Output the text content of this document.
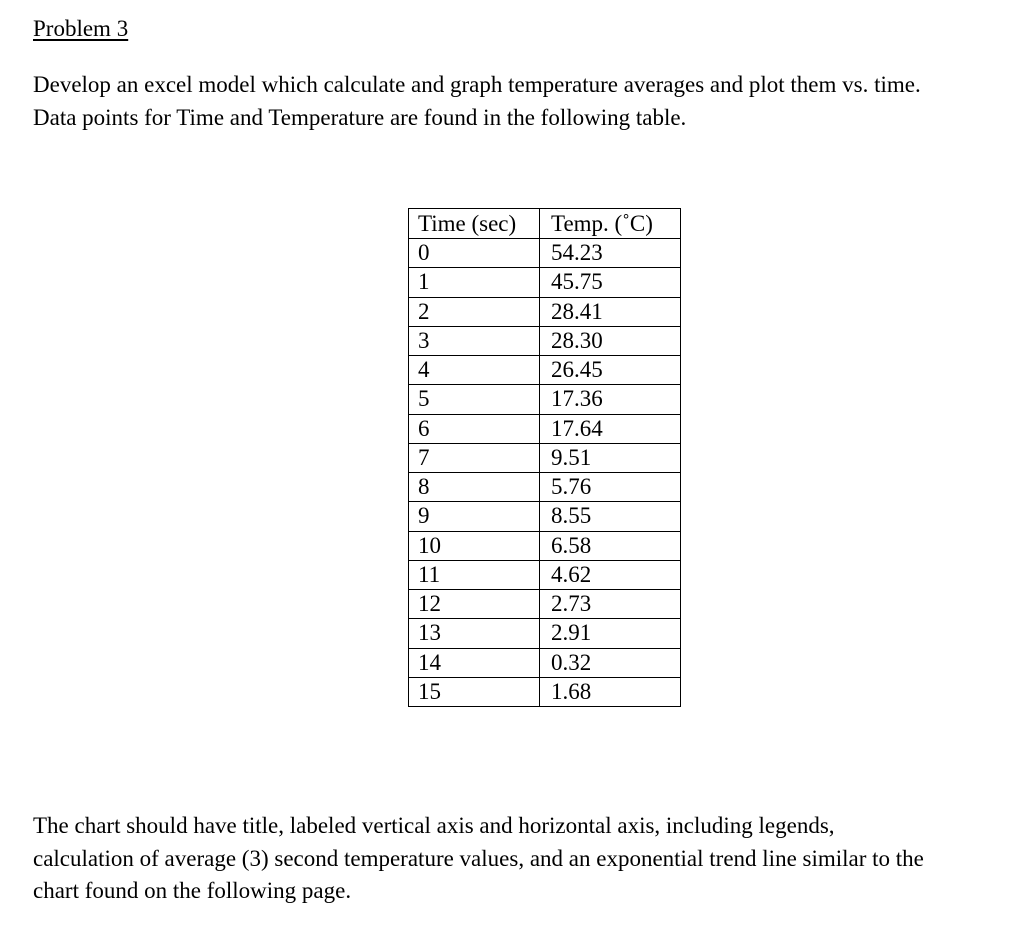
Problem 3

Develop an excel model which calculate and graph temperature averages and plot them vs. time.
Data points for Time and Temperature are found in the following table.

Time (sec)	Temp. (˚C)
0	54.23
1	45.75
2	28.41
3	28.30
4	26.45
5	17.36
6	17.64
7	9.51
8	5.76
9	8.55
10	6.58
11	4.62
12	2.73
13	2.91
14	0.32
15	1.68

The chart should have title, labeled vertical axis and horizontal axis, including legends,
calculation of average (3) second temperature values, and an exponential trend line similar to the
chart found on the following page.
